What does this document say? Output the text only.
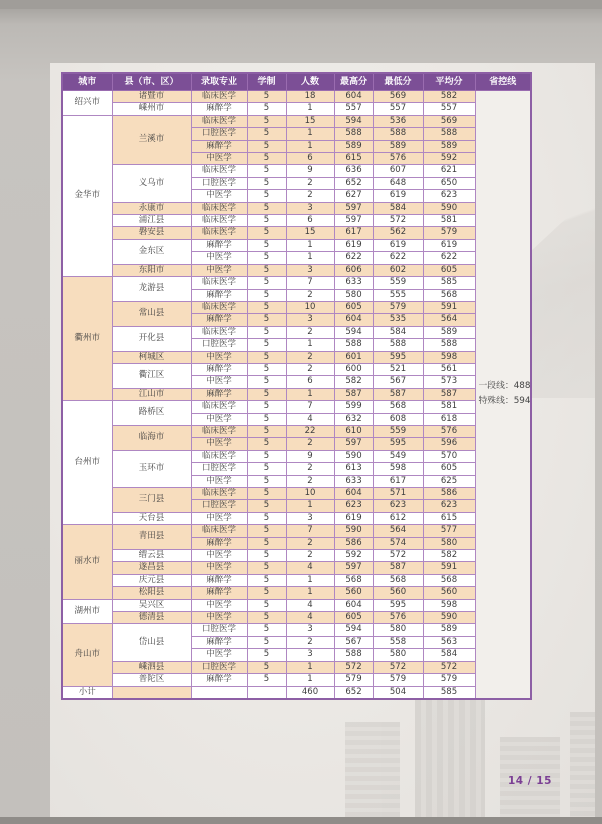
城市	县（市、区）	录取专业	学制	人数	最高分	最低分	平均分	省控线
绍兴市	诸暨市	临床医学	5	18	604	569	582	一段线：488
特殊线：594

	嵊州市	麻醉学	5	1	557	557	557	
金华市	兰溪市	临床医学	5	15	594	536	569	
		口腔医学	5	1	588	588	588	
		麻醉学	5	1	589	589	589	
		中医学	5	6	615	576	592	
	义乌市	临床医学	5	9	636	607	621	
		口腔医学	5	2	652	648	650	
		中医学	5	2	627	619	623	
	永康市	临床医学	5	3	597	584	590	
	浦江县	临床医学	5	6	597	572	581	
	磐安县	临床医学	5	15	617	562	579	
	金东区	麻醉学	5	1	619	619	619	
		中医学	5	1	622	622	622	
	东阳市	中医学	5	3	606	602	605	
衢州市	龙游县	临床医学	5	7	633	559	585	
		麻醉学	5	2	580	555	568	
	常山县	临床医学	5	10	605	579	591	
		麻醉学	5	3	604	535	564	
	开化县	临床医学	5	2	594	584	589	
		口腔医学	5	1	588	588	588	
	柯城区	中医学	5	2	601	595	598	
	衢江区	麻醉学	5	2	600	521	561	
		中医学	5	6	582	567	573	
	江山市	麻醉学	5	1	587	587	587	
台州市	路桥区	临床医学	5	7	599	568	581	
		中医学	5	4	632	608	618	
	临海市	临床医学	5	22	610	559	576	
		中医学	5	2	597	595	596	
	玉环市	临床医学	5	9	590	549	570	
		口腔医学	5	2	613	598	605	
		中医学	5	2	633	617	625	
	三门县	临床医学	5	10	604	571	586	
		口腔医学	5	1	623	623	623	
	天台县	中医学	5	3	619	612	615	
丽水市	青田县	临床医学	5	7	590	564	577	
		麻醉学	5	2	586	574	580	
	缙云县	中医学	5	2	592	572	582	
	遂昌县	中医学	5	4	597	587	591	
	庆元县	麻醉学	5	1	568	568	568	
	松阳县	麻醉学	5	1	560	560	560	
湖州市	吴兴区	中医学	5	4	604	595	598	
	德清县	中医学	5	4	605	576	590	
舟山市	岱山县	口腔医学	5	3	594	580	589	
		麻醉学	5	2	567	558	563	
		中医学	5	3	588	580	584	
	嵊泗县	口腔医学	5	1	572	572	572	
	普陀区	麻醉学	5	1	579	579	579	
小计				460	652	504	585	
14 / 15
